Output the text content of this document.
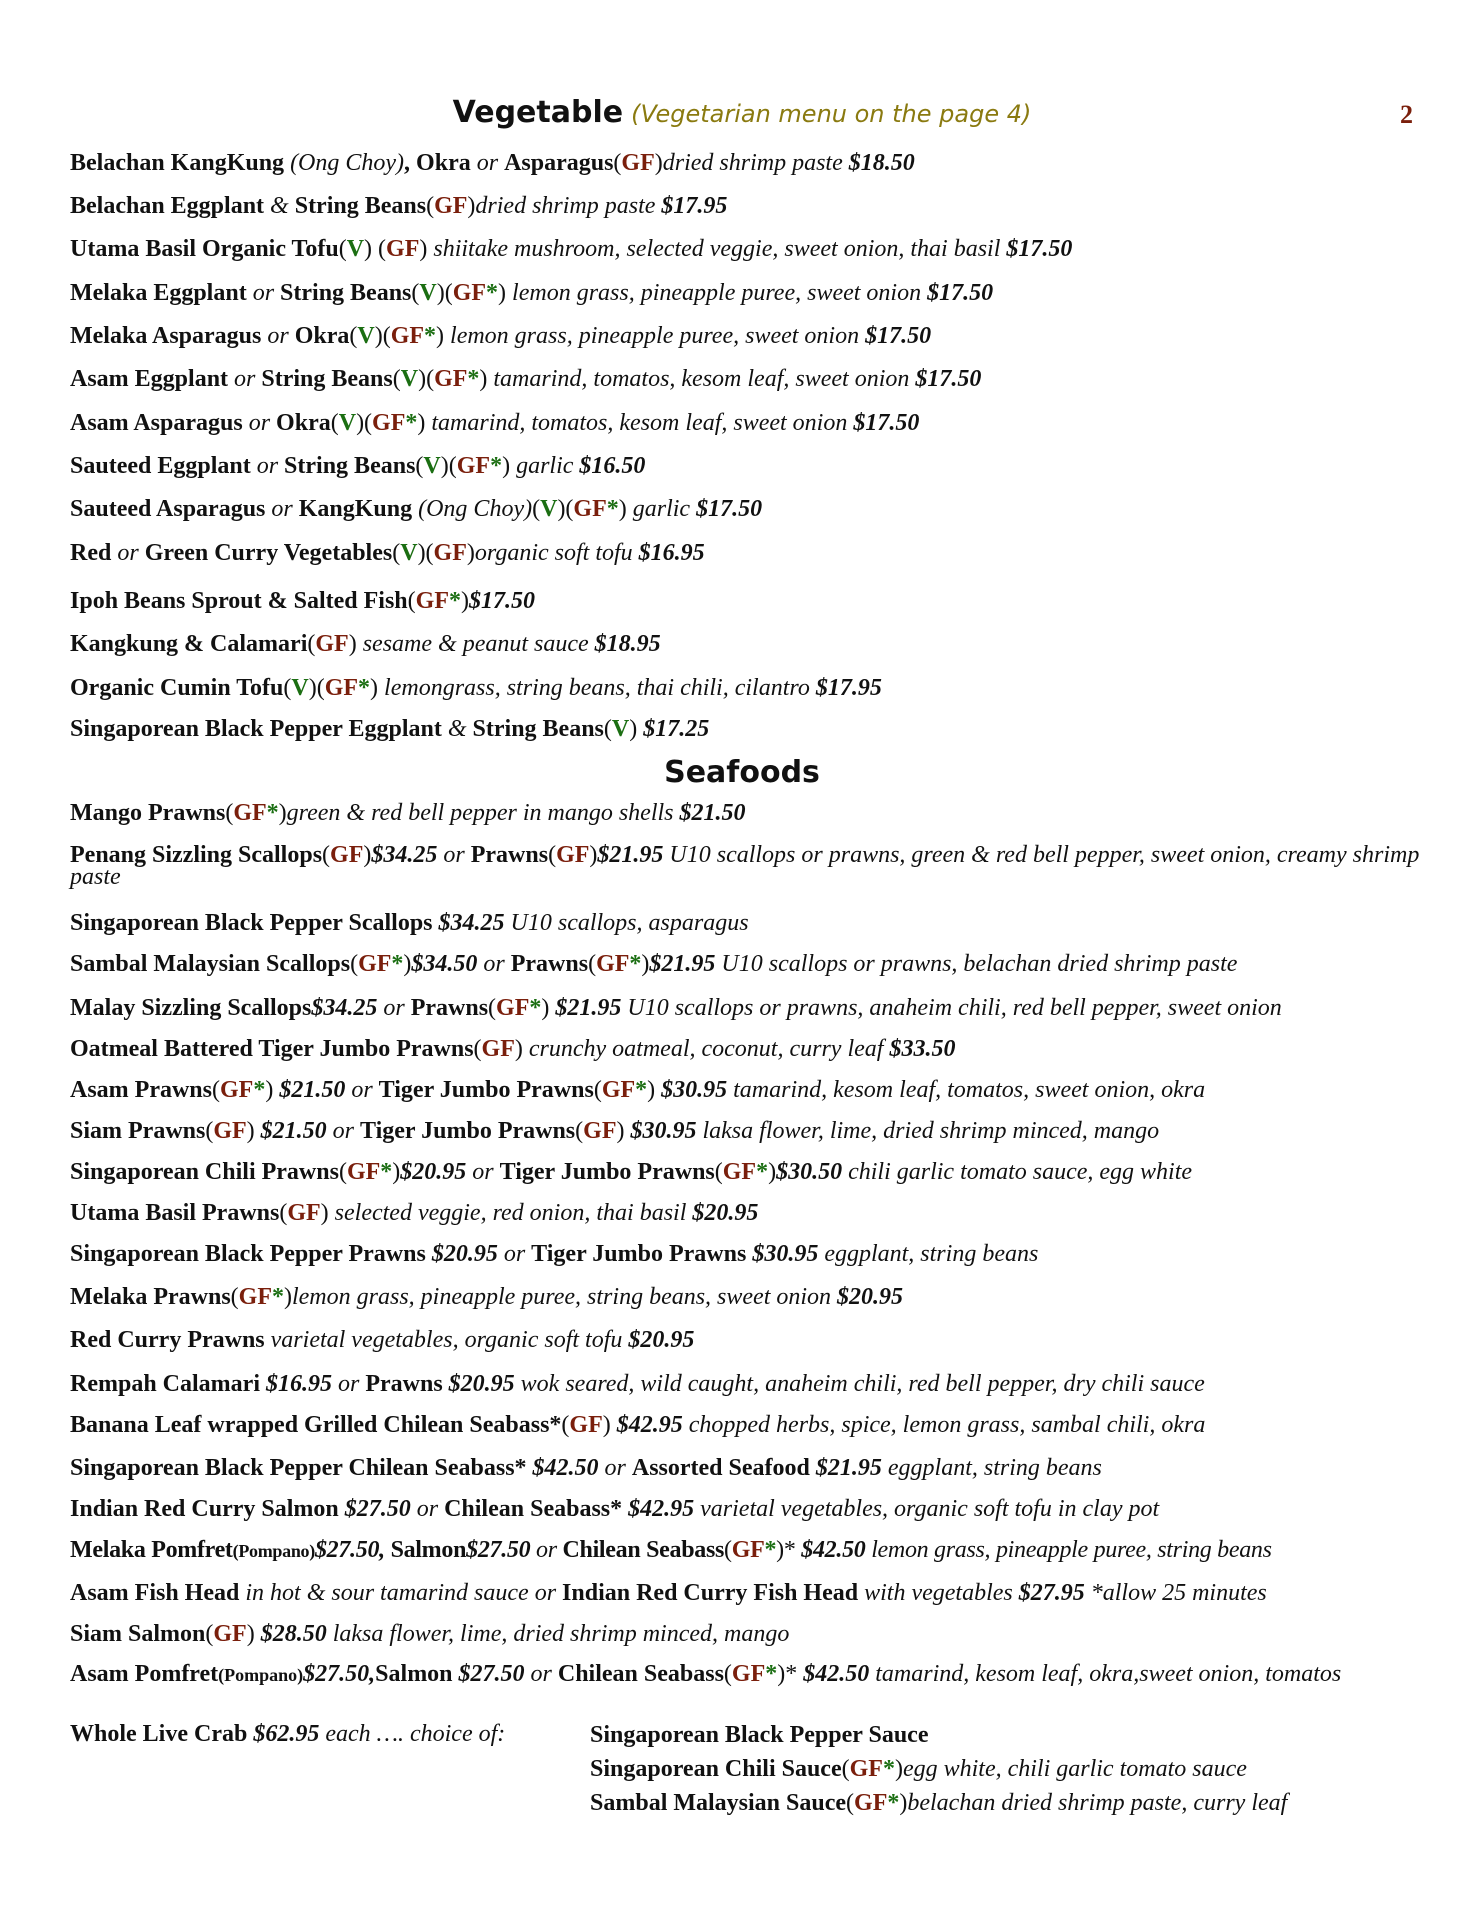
2
Vegetable (Vegetarian menu on the page 4)
Belachan KangKung (Ong Choy), Okra or Asparagus(GF)dried shrimp paste $18.50
Belachan Eggplant & String Beans(GF)dried shrimp paste $17.95
Utama Basil Organic Tofu(V) (GF) shiitake mushroom, selected veggie, sweet onion, thai basil $17.50
Melaka Eggplant or String Beans(V)(GF*) lemon grass, pineapple puree, sweet onion $17.50
Melaka Asparagus or Okra(V)(GF*) lemon grass, pineapple puree, sweet onion $17.50
Asam Eggplant or String Beans(V)(GF*) tamarind, tomatos, kesom leaf, sweet onion $17.50
Asam Asparagus or Okra(V)(GF*) tamarind, tomatos, kesom leaf, sweet onion $17.50
Sauteed Eggplant or String Beans(V)(GF*) garlic $16.50
Sauteed Asparagus or KangKung (Ong Choy)(V)(GF*) garlic $17.50
Red or Green Curry Vegetables(V)(GF)organic soft tofu $16.95
Ipoh Beans Sprout & Salted Fish(GF*)$17.50
Kangkung & Calamari(GF) sesame & peanut sauce $18.95
Organic Cumin Tofu(V)(GF*) lemongrass, string beans, thai chili, cilantro $17.95
Singaporean Black Pepper Eggplant & String Beans(V) $17.25
Seafoods
Mango Prawns(GF*)green & red bell pepper in mango shells $21.50
Penang Sizzling Scallops(GF)$34.25 or Prawns(GF)$21.95 U10 scallops or prawns, green & red bell pepper, sweet onion, creamy shrimp paste
Singaporean Black Pepper Scallops $34.25 U10 scallops, asparagus
Sambal Malaysian Scallops(GF*)$34.50 or Prawns(GF*)$21.95 U10 scallops or prawns, belachan dried shrimp paste
Malay Sizzling Scallops$34.25 or Prawns(GF*) $21.95 U10 scallops or prawns, anaheim chili, red bell pepper, sweet onion
Oatmeal Battered Tiger Jumbo Prawns(GF) crunchy oatmeal, coconut, curry leaf $33.50
Asam Prawns(GF*) $21.50 or Tiger Jumbo Prawns(GF*) $30.95 tamarind, kesom leaf, tomatos, sweet onion, okra
Siam Prawns(GF) $21.50 or Tiger Jumbo Prawns(GF) $30.95 laksa flower, lime, dried shrimp minced, mango
Singaporean Chili Prawns(GF*)$20.95 or Tiger Jumbo Prawns(GF*)$30.50 chili garlic tomato sauce, egg white
Utama Basil Prawns(GF) selected veggie, red onion, thai basil $20.95
Singaporean Black Pepper Prawns $20.95 or Tiger Jumbo Prawns $30.95 eggplant, string beans
Melaka Prawns(GF*)lemon grass, pineapple puree, string beans, sweet onion $20.95
Red Curry Prawns varietal vegetables, organic soft tofu $20.95
Rempah Calamari $16.95 or Prawns $20.95 wok seared, wild caught, anaheim chili, red bell pepper, dry chili sauce
Banana Leaf wrapped Grilled Chilean Seabass*(GF) $42.95 chopped herbs, spice, lemon grass, sambal chili, okra
Singaporean Black Pepper Chilean Seabass* $42.50 or Assorted Seafood $21.95 eggplant, string beans
Indian Red Curry Salmon $27.50 or Chilean Seabass* $42.95 varietal vegetables, organic soft tofu in clay pot
Melaka Pomfret(Pompano)$27.50, Salmon$27.50 or Chilean Seabass(GF*)* $42.50 lemon grass, pineapple puree, string beans
Asam Fish Head in hot & sour tamarind sauce or Indian Red Curry Fish Head with vegetables $27.95 *allow 25 minutes
Siam Salmon(GF) $28.50 laksa flower, lime, dried shrimp minced, mango
Asam Pomfret(Pompano)$27.50,Salmon $27.50 or Chilean Seabass(GF*)* $42.50 tamarind, kesom leaf, okra,sweet onion, tomatos
Whole Live Crab $62.95 each …. choice of:	Singaporean Black Pepper Sauce
Singaporean Chili Sauce(GF*)egg white, chili garlic tomato sauce
Sambal Malaysian Sauce(GF*)belachan dried shrimp paste, curry leaf
